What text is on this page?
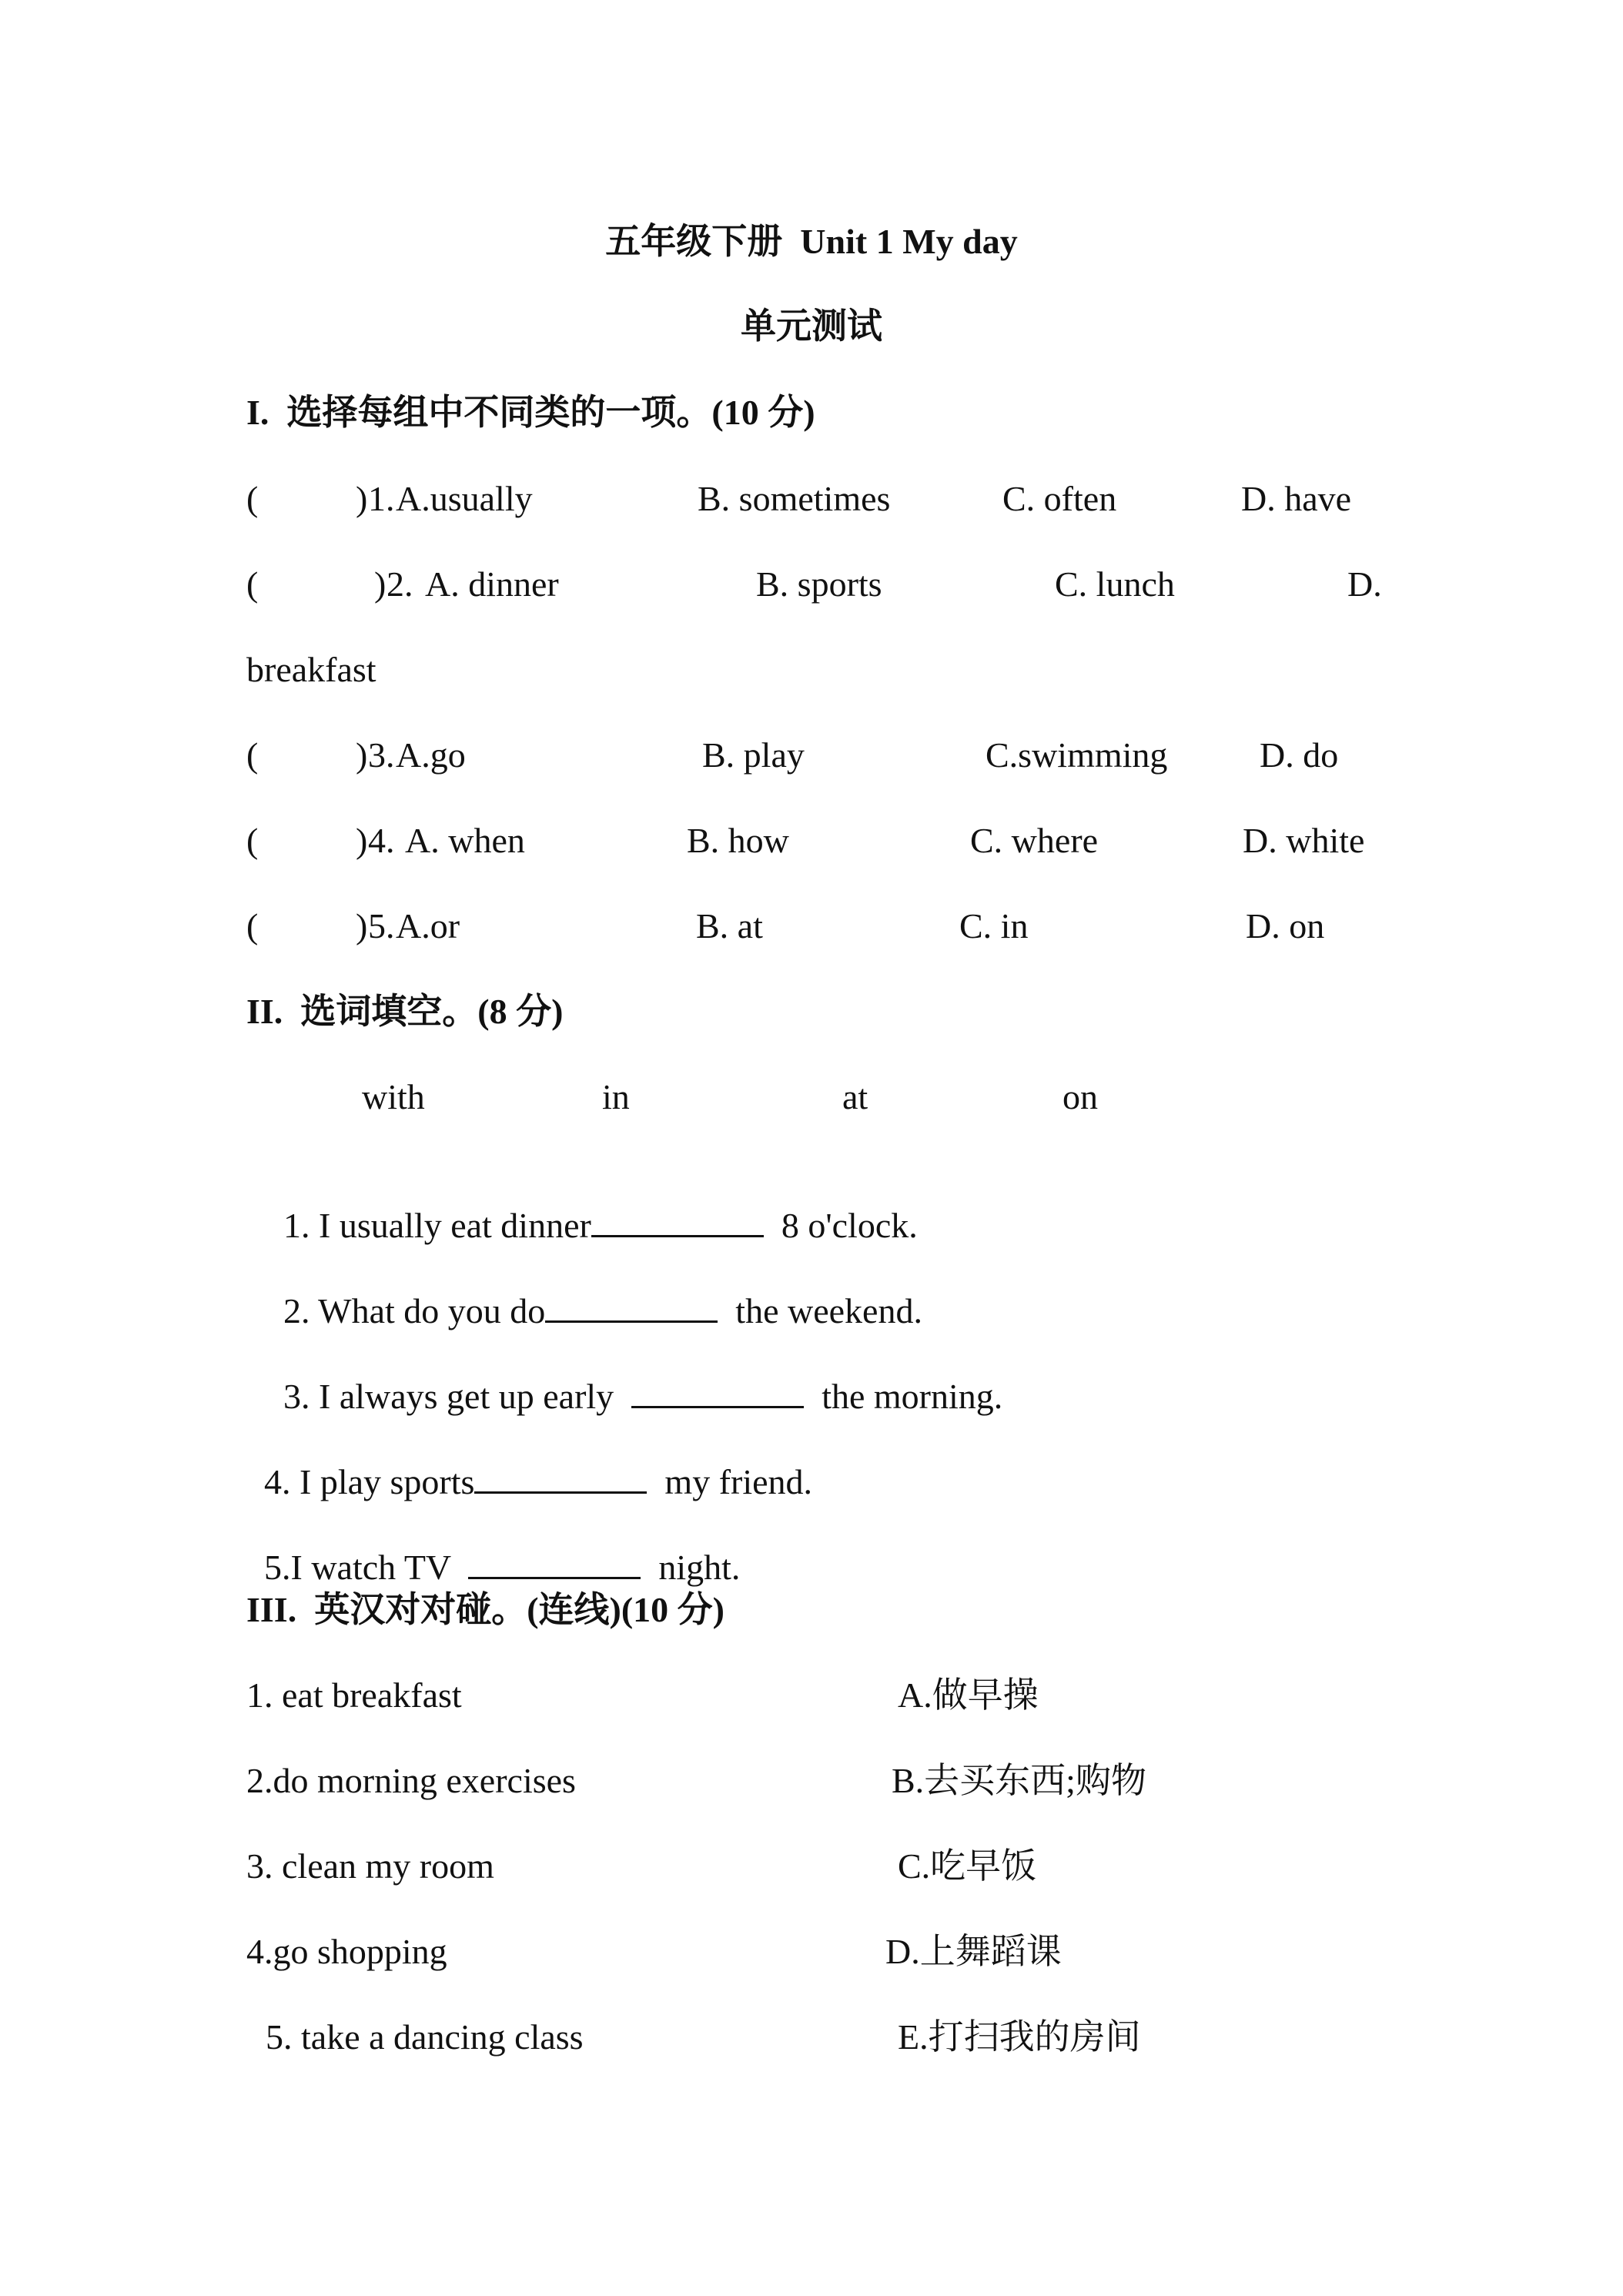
五年级下册  Unit 1 My day
单元测试
I.  选择每组中不同类的一项。(10 分)
(	) 1. A.usually	B. sometimes	C. often	D. have
(	) 2. A. dinner	B. sports	C. lunch	D.
breakfast
(	) 3. A.go	B. play	C.swimming	D. do
(	) 4. A. when	B. how	C. where	D. white
(	) 5. A.or	B. at	C. in	D. on
II.  选词填空。(8 分)
with	in	at	on

1. I usually eat dinner	8 o'clock.

2. What do you do	the weekend.

3. I always get up early	the morning.

4. I play sports	my friend.

5.I watch TV	night.

III.  英汉对对碰。(连线)(10 分)
1. eat breakfast	A.做早操
2.do morning exercises	B.去买东西;购物
3. clean my room	C.吃早饭
4.go shopping	D.上舞蹈课
5. take a dancing class	E.打扫我的房间
